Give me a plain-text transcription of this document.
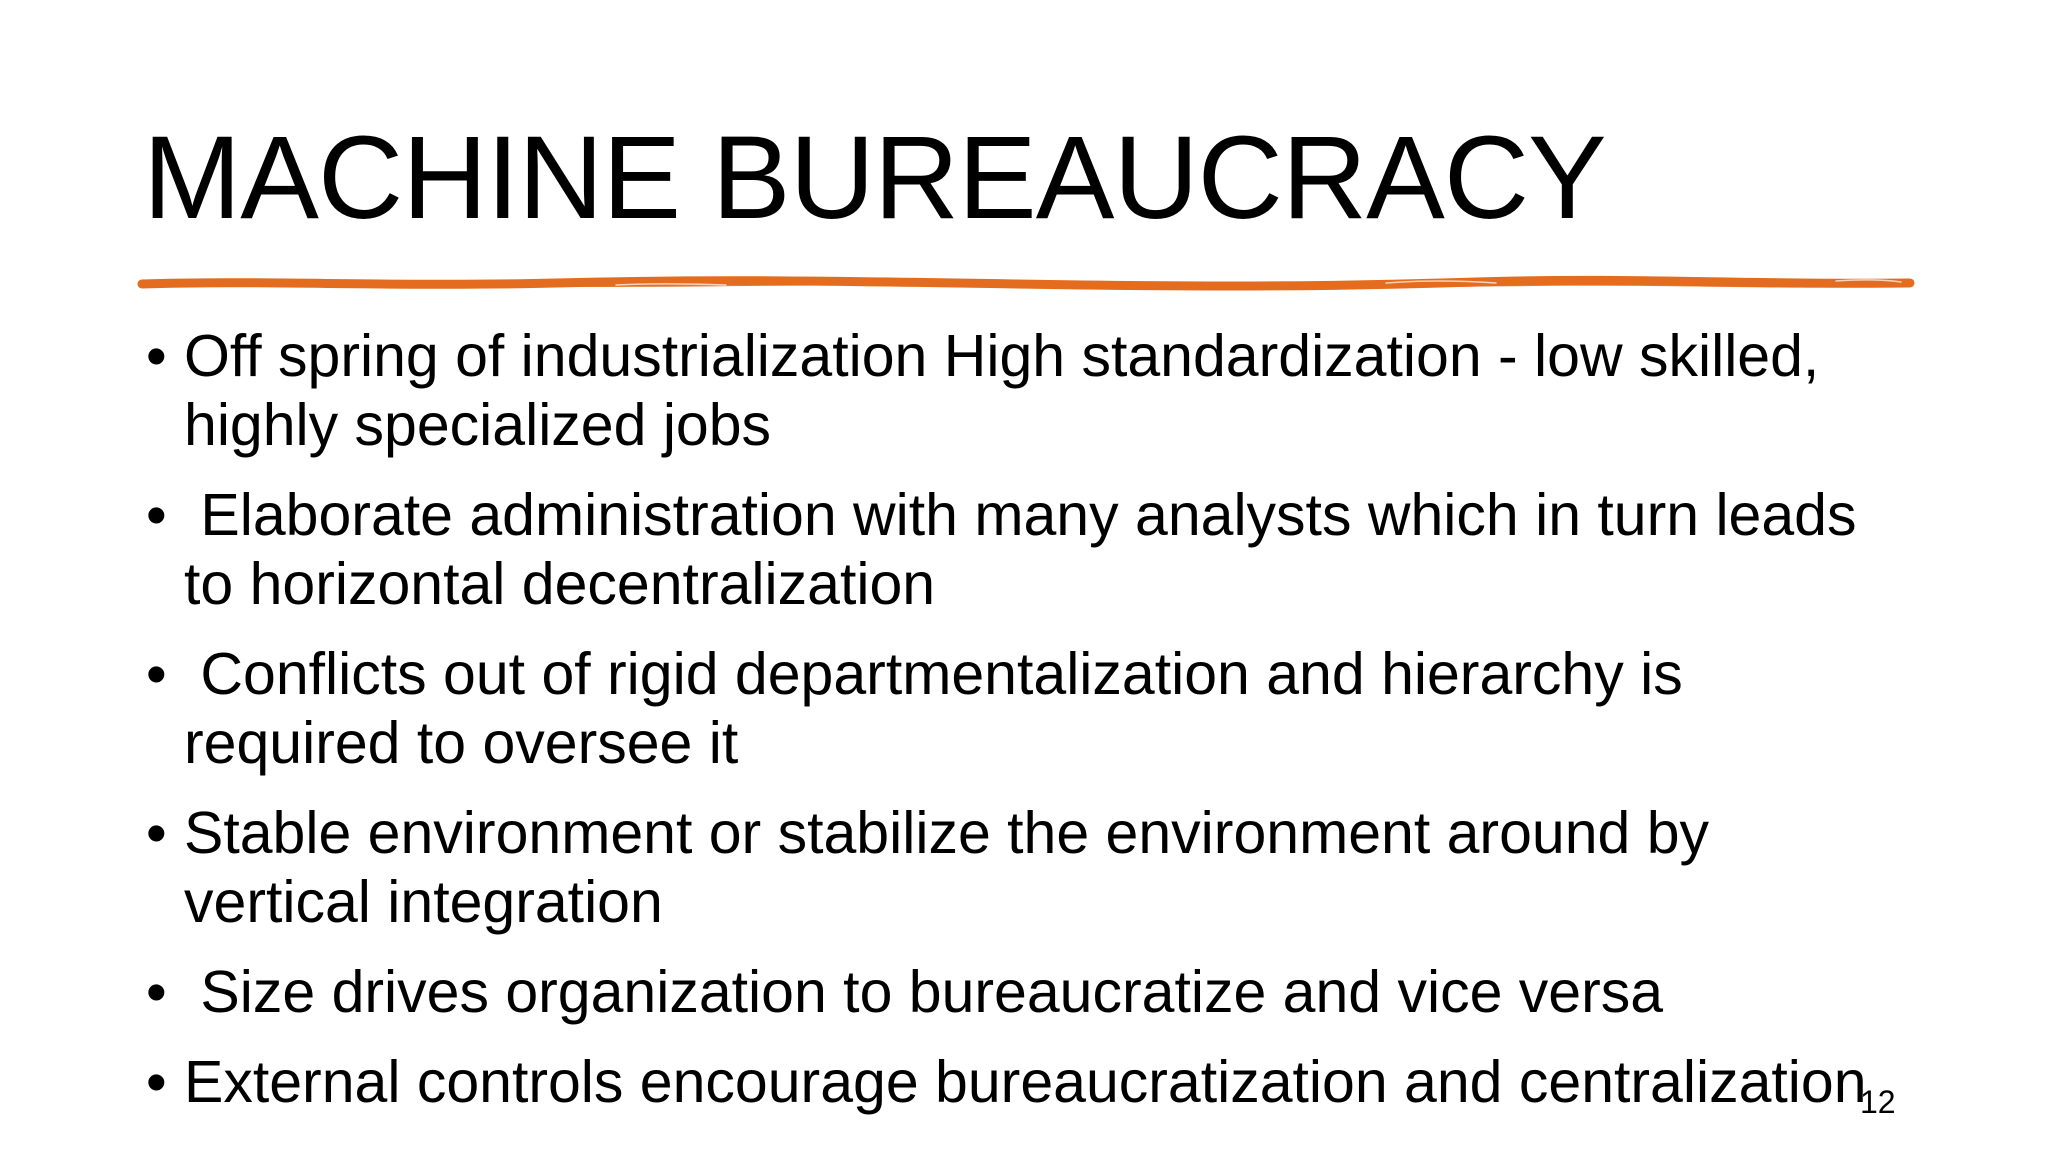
MACHINE BUREAUCRACY
• Off spring of industrialization High standardization - low skilled, highly specialized jobs
• Elaborate administration with many analysts which in turn leads to horizontal decentralization
• Conflicts out of rigid departmentalization and hierarchy is required to oversee it
• Stable environment or stabilize the environment around by vertical integration
• Size drives organization to bureaucratize and vice versa
• External controls encourage bureaucratization and centralization
12
